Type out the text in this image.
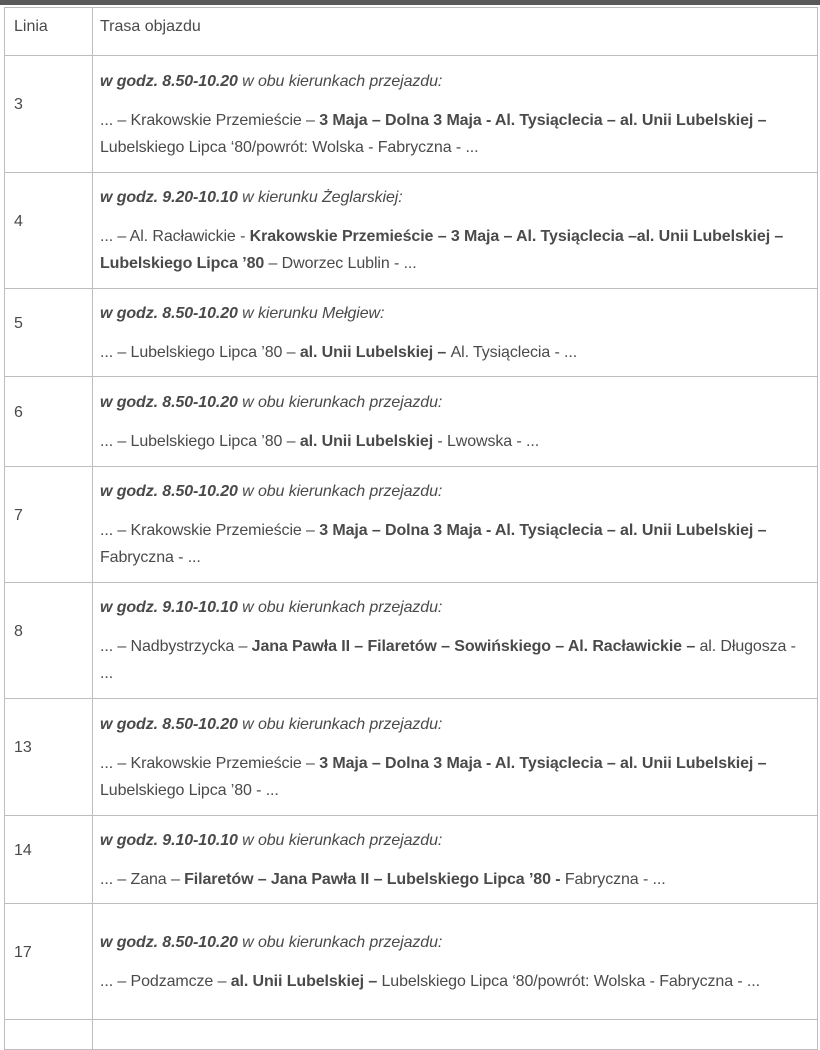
Linia	Trasa objazdu
3	w godz. 8.50-10.20 w obu kierunkach przejazdu:

... – Krakowskie Przemieście – 3 Maja – Dolna 3 Maja - Al. Tysiąclecia – al. Unii Lubelskiej – Lubelskiego Lipca ‘80/powrót: Wolska - Fabryczna - ...

4	w godz. 9.20-10.10 w kierunku Żeglarskiej:

... – Al. Racławickie - Krakowskie Przemieście – 3 Maja – Al. Tysiąclecia –al. Unii Lubelskiej – Lubelskiego Lipca ’80 – Dworzec Lublin - ...

5	w godz. 8.50-10.20 w kierunku Mełgiew:

... – Lubelskiego Lipca ’80 – al. Unii Lubelskiej – Al. Tysiąclecia - ...

6	w godz. 8.50-10.20 w obu kierunkach przejazdu:

... – Lubelskiego Lipca ’80 – al. Unii Lubelskiej - Lwowska - ...

7	w godz. 8.50-10.20 w obu kierunkach przejazdu:

... – Krakowskie Przemieście – 3 Maja – Dolna 3 Maja - Al. Tysiąclecia – al. Unii Lubelskiej – Fabryczna - ...

8	w godz. 9.10-10.10 w obu kierunkach przejazdu:

... – Nadbystrzycka – Jana Pawła II – Filaretów – Sowińskiego – Al. Racławickie – al. Długosza - ...

13	w godz. 8.50-10.20 w obu kierunkach przejazdu:

... – Krakowskie Przemieście – 3 Maja – Dolna 3 Maja - Al. Tysiąclecia – al. Unii Lubelskiej – Lubelskiego Lipca ’80 - ...

14	w godz. 9.10-10.10 w obu kierunkach przejazdu:

... – Zana – Filaretów – Jana Pawła II – Lubelskiego Lipca ’80 - Fabryczna - ...

17	w godz. 8.50-10.20 w obu kierunkach przejazdu:

... – Podzamcze – al. Unii Lubelskiej – Lubelskiego Lipca ‘80/powrót: Wolska - Fabryczna - ...
